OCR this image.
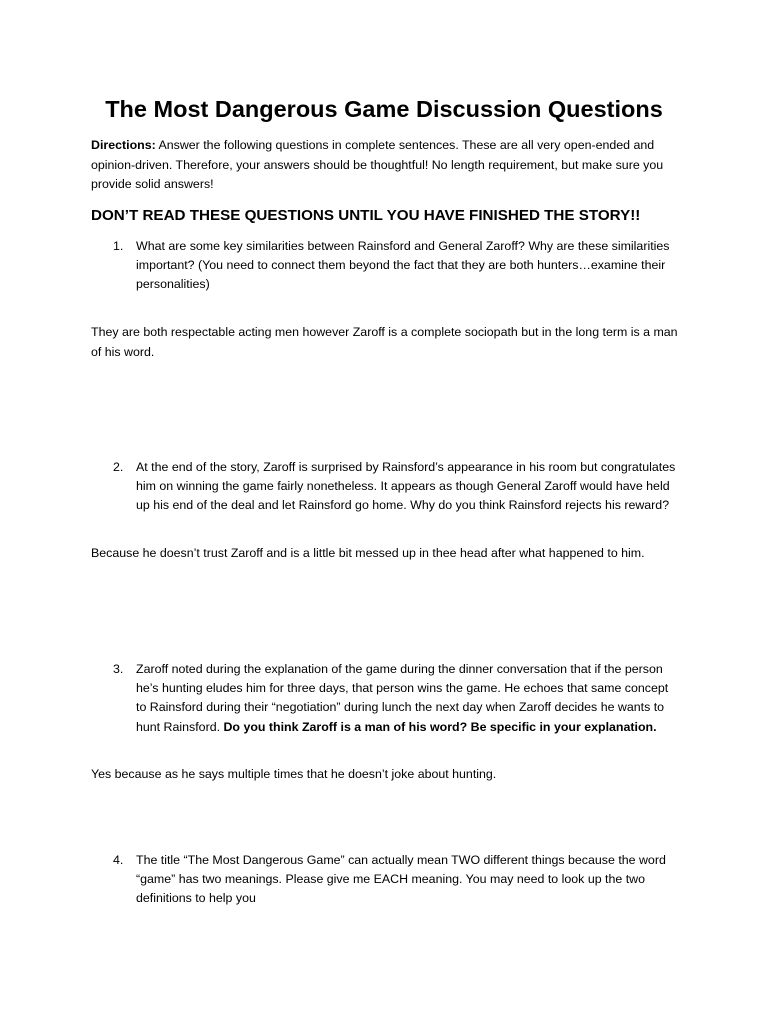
The Most Dangerous Game Discussion Questions

Directions: Answer the following questions in complete sentences. These are all very open-ended and opinion-driven. Therefore, your answers should be thoughtful! No length requirement, but make sure you provide solid answers!

DON’T READ THESE QUESTIONS UNTIL YOU HAVE FINISHED THE STORY!!

1. What are some key similarities between Rainsford and General Zaroff? Why are these similarities important? (You need to connect them beyond the fact that they are both hunters…examine their personalities)

They are both respectable acting men however Zaroff is a complete sociopath but in the long term is a man of his word.

2. At the end of the story, Zaroff is surprised by Rainsford’s appearance in his room but congratulates him on winning the game fairly nonetheless. It appears as though General Zaroff would have held up his end of the deal and let Rainsford go home. Why do you think Rainsford rejects his reward?

Because he doesn’t trust Zaroff and is a little bit messed up in thee head after what happened to him.

3. Zaroff noted during the explanation of the game during the dinner conversation that if the person he’s hunting eludes him for three days, that person wins the game. He echoes that same concept to Rainsford during their “negotiation” during lunch the next day when Zaroff decides he wants to hunt Rainsford. Do you think Zaroff is a man of his word? Be specific in your explanation.

Yes because as he says multiple times that he doesn’t joke about hunting.

4. The title “The Most Dangerous Game” can actually mean TWO different things because the word “game” has two meanings. Please give me EACH meaning. You may need to look up the two definitions to help you
